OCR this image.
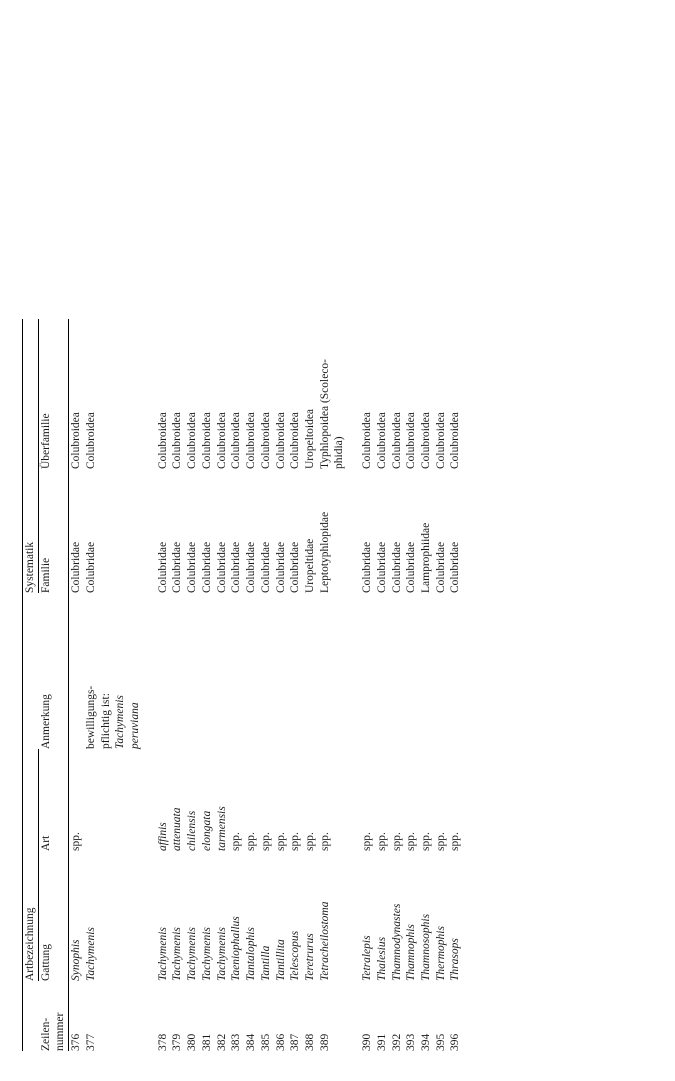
	Artbezeichnung			Systematik	

Zeilen- nummer	Gattung	Art	Anmerkung	Familie	Überfamilie

376	Synophis	spp.		Colubridae	Colubroidea

377	Tachymenis		bewilligungs- pflichtig ist: Tachymenis peruviana	Colubridae	Colubroidea

378	Tachymenis	affinis		Colubridae	Colubroidea

379	Tachymenis	attenuata		Colubridae	Colubroidea

380	Tachymenis	chilensis		Colubridae	Colubroidea

381	Tachymenis	elongata		Colubridae	Colubroidea

382	Tachymenis	tarmensis		Colubridae	Colubroidea

383	Taeniophallus	spp.		Colubridae	Colubroidea

384	Tantalophis	spp.		Colubridae	Colubroidea

385	Tantilla	spp.		Colubridae	Colubroidea

386	Tantillita	spp.		Colubridae	Colubroidea

387	Telescopus	spp.		Colubridae	Colubroidea

388	Teretrurus	spp.		Uropeltidae	Uropeltoidea

389	Tetracheilostoma	spp.		Leptotyphlopidae	Typhlopoidea (Scoleco- phidia)

390	Tetralepis	spp.		Colubridae	Colubroidea

391	Thalesius	spp.		Colubridae	Colubroidea

392	Thamnodynastes	spp.		Colubridae	Colubroidea

393	Thamnophis	spp.		Colubridae	Colubroidea

394	Thamnosophis	spp.		Lamprophiidae	Colubroidea

395	Thermophis	spp.		Colubridae	Colubroidea

396	Thrasops	spp.		Colubridae	Colubroidea
